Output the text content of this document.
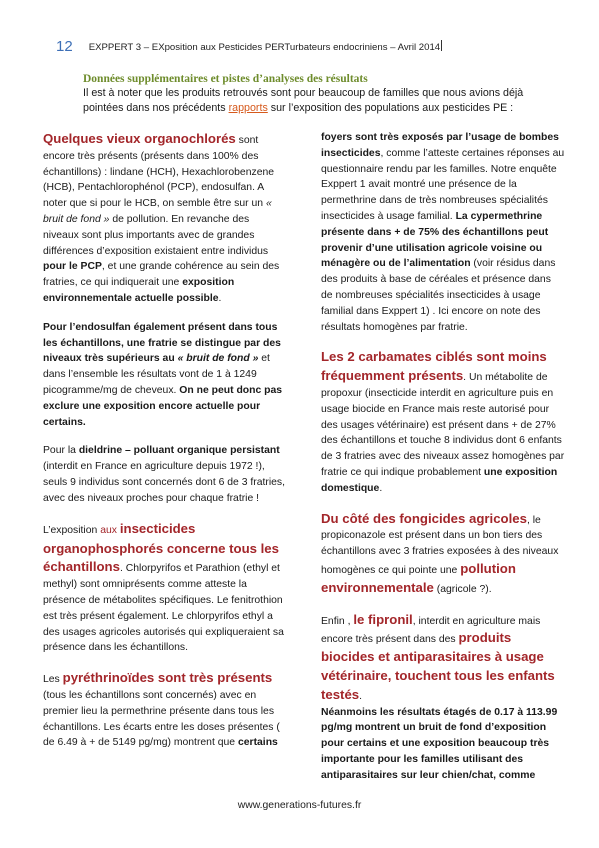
12 EXPPERT 3 – EXposition aux Pesticides PERTurbateurs endocriniens – Avril 2014
Données supplémentaires et pistes d’analyses des résultats
Il est à noter que les produits retrouvés sont pour beaucoup de familles que nous avions déjà pointées dans nos précédents rapports sur l’exposition des populations aux pesticides PE :

Quelques vieux organochlorés sont encore très présents (présents dans 100% des échantillons) : lindane (HCH), Hexachlorobenzene (HCB), Pentachlorophénol (PCP), endosulfan. A noter que si pour le HCB, on semble être sur un « bruit de fond » de pollution. En revanche des niveaux sont plus importants avec de grandes différences d’exposition existaient entre individus pour le PCP, et une grande cohérence au sein des fratries, ce qui indiquerait une exposition environnementale actuelle possible.

Pour l’endosulfan également présent dans tous les échantillons, une fratrie se distingue par des niveaux très supérieurs au « bruit de fond » et dans l’ensemble les résultats vont de 1 à 1249 picogramme/mg de cheveux. On ne peut donc pas exclure une exposition encore actuelle pour certains.

Pour la dieldrine – polluant organique persistant (interdit en France en agriculture depuis 1972 !), seuls 9 individus sont concernés dont 6 de 3 fratries, avec des niveaux proches pour chaque fratrie !

L’exposition aux insecticides organophosphorés concerne tous les échantillons. Chlorpyrifos et Parathion (ethyl et methyl) sont omniprésents comme atteste la présence de métabolites spécifiques. Le fenitrothion est très présent également. Le chlorpyrifos ethyl a des usages agricoles autorisés qui expliqueraient sa présence dans les échantillons.

Les pyréthrinoïdes sont très présents (tous les échantillons sont concernés) avec en premier lieu la permethrine présente dans tous les échantillons. Les écarts entre les doses présentes ( de 6.49 à + de 5149 pg/mg) montrent que certains

foyers sont très exposés par l’usage de bombes insecticides, comme l’atteste certaines réponses au questionnaire rendu par les familles. Notre enquête Exppert 1 avait montré une présence de la permethrine dans de très nombreuses spécialités insecticides à usage familial. La cypermethrine présente dans + de 75% des échantillons peut provenir d’une utilisation agricole voisine ou ménagère ou de l’alimentation (voir résidus dans des produits à base de céréales et présence dans de nombreuses spécialités insecticides à usage familial dans Exppert 1) . Ici encore on note des résultats homogènes par fratrie.

Les 2 carbamates ciblés sont moins fréquemment présents. Un métabolite de propoxur (insecticide interdit en agriculture puis en usage biocide en France mais reste autorisé pour des usages vétérinaire) est présent dans + de 27% des échantillons et touche 8 individus dont 6 enfants de 3 fratries avec des niveaux assez homogènes par fratrie ce qui indique probablement une exposition domestique.

Du côté des fongicides agricoles, le propiconazole est présent dans un bon tiers des échantillons avec 3 fratries exposées à des niveaux homogènes ce qui pointe une pollution environnementale (agricole ?).

Enfin , le fipronil, interdit en agriculture mais encore très présent dans des produits biocides et antiparasitaires à usage vétérinaire, touchent tous les enfants testés.
Néanmoins les résultats étagés de 0.17 à 113.99 pg/mg montrent un bruit de fond d’exposition pour certains et une exposition beaucoup très importante pour les familles utilisant des antiparasitaires sur leur chien/chat, comme

www.generations-futures.fr
